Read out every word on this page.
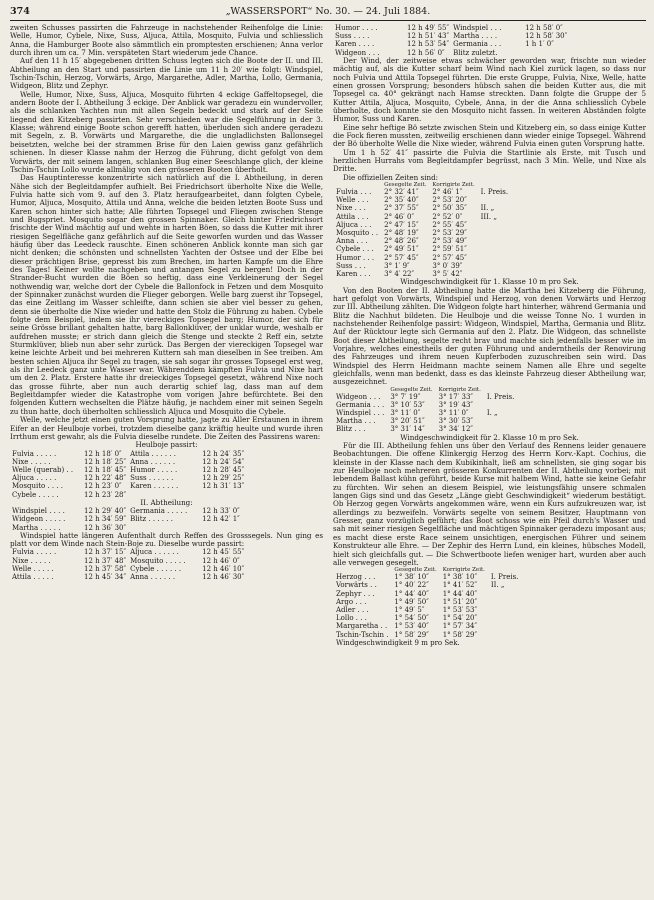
374	„WASSERSPORT“ No. 30. — 24. Juli 1884.

zweiten Schusses passirten die Fahrzeuge in nachstehender Reihenfolge die Linie: Welle, Humor, Cybele, Nixe, Suss, Aljuca, Attila, Mosquito, Fulvia und schliesslich Anna, die Hamburger Boote also sämmtlich ein promptesten erschienen; Anna verlor durch ihren um ca. 7 Min. verspäteten Start wiederum jede Chance.

Auf den 11 h 15′ abgegebenen dritten Schuss legten sich die Boote der II. und III. Abtheilung an den Start und passirten die Linie um 11 h 20′ wie folgt: Windspiel, Tschin-Tschin, Herzog, Vorwärts, Argo, Margarethe, Adler, Martha, Lollo, Germania, Widgeon, Blitz und Zephyr.

Welle, Humor, Nixe, Suss, Aljuca, Mosquito führten 4 eckige Gaffeltopsegel, die andern Boote der I. Abtheilung 3 eckige. Der Anblick war geradezu ein wundervoller, als die schlanken Yachten nun mit allen Segeln bedeckt und stark auf der Seite liegend den Kitzeberg passirten. Sehr verschieden war die Segelführung in der 3. Klasse; während einige Boote schon gerefft hatten, überluden sich andere geradezu mit Segeln, z. B. Vorwärts und Margarethe, die die ungladlichsten Ballonsegel beisetzten, welche bei der strammen Brise für den Laien gewiss ganz gefährlich schienen. In dieser Klasse nahm der Herzog die Führung, dicht gefolgt von dem Vorwärts, der mit seinem langen, schlanken Bug einer Seeschlange glich, der kleine Tschin-Tschin Lollo wurde allmälig von den grösseren Booten überholt.

Das Hauptinteresse konzentrirte sich natürlich auf die I. Abtheilung, in deren Nähe sich der Begleitdampfer aufhielt. Bei Friedrichsort überholte Nixe die Welle, Fulvia hatte sich vom 9. auf den 3. Platz heraufgearbeitet, dann folgten Cybele, Humor, Aljuca, Mosquito, Attila und Anna, welche die beiden letzten Boote Suss und Karen schon hinter sich hatte; Alle führten Topsegel und Fliegen zwischen Stenge und Bugspriet. Mosquito sogar den grossen Spinnaker. Gleich hinter Friedrichsort frischte der Wind mächtig auf und wehte in harten Böen, so dass die Kutter mit ihrer riesigen Segelfläche ganz gefährlich auf die Seite geworfen wurden und das Wasser häufig über das Leedeck rauschte. Einen schöneren Anblick konnte man sich gar nicht denken; die schönsten und schnellsten Yachten der Ostsee und der Elbe bei dieser prächtigen Brise, gepresst bis zum Brechen, im harten Kampfe um die Ehre des Tages! Keiner wollte nachgeben und antangen Segel zu bergen! Doch in der Strander-Bucht wurden die Böen so heftig, dass eine Verkleinerung der Segel nothwendig war, welche dort der Cybele die Ballonfock in Fetzen und dem Mosquito der Spinnaker zunächst wurden die Flieger geborgen. Welle barg zuerst ihr Topsegel, das eine Zeitlang im Wasser schleifte, dann schien sie aber viel besser zu gehen, denn sie überholte die Nixe wieder und hatte den Stolz die Führung zu haben. Cybele folgte dem Beispiel, indem sie ihr viereckiges Topsegel barg; Humor, der sich für seine Grösse brillant gehalten hatte, barg Ballonklüver, der unklar wurde, weshalb er aufdrehen musste; er strich dann gleich die Stenge und steckte 2 Reff ein, setzte Sturmklüver, blieb nun aber sehr zurück. Das Bergen der viereckigen Topsegel war keine leichte Arbeit und bei mehreren Kuttern sah man dieselben in See treiben. Am besten schien Aljuca ihr Segel zu tragen, sie sah sogar ihr grosses Topsegel erst weg, als ihr Leedeck ganz unte Wasser war. Währenddem kämpften Fulvia und Nixe hart um den 2. Platz. Erstere hatte ihr dreieckiges Topsegel gesetzt, während Nixe noch das grosse führte, aber nun auch derartig schief lag, dass man auf dem Begleitdampfer wieder die Katastrophe vom vorigen Jahre befürchtete. Bei den folgenden Kuttern wechselten die Plätze häufig, je nachdem einer mit seinen Segeln zu thun hatte, doch überholten schliesslich Aljuca und Mosquito die Cybele.

Welle, welche jetzt einen guten Vorsprung hatte, jagte zu Aller Erstaunen in ihrem Eifer an der Heulboje vorbei, trotzdem dieselbe ganz kräftig heulte und wurde ihren Irrthum erst gewahr, als die Fulvia dieselbe rundete. Die Zeiten des Passirens waren:

Heulboje passirt:
Fulvia . . . . .	12 h 18′ 0″	Attila . . . . . .	12 h 24′ 35″
Nixe . . . . .	12 h 18′ 25″	Anna . . . . . .	12 h 24′ 54″
Welle (querab) . .	12 h 18′ 45″	Humor . . . . .	12 h 28′ 45″
Aljuca . . . . .	12 h 22′ 48″	Suss . . . . . .	12 h 29′ 25″
Mosquito . . . .	12 h 23′ 0″	Karen . . . . . .	12 h 31′ 13″
Cybele . . . . .	12 h 23′ 28″		
II. Abtheilung:
Windspiel . . . .	12 h 29′ 40″	Germania . . . . .	12 h 33′ 0″
Widgeon . . . . .	12 h 34′ 59″	Blitz . . . . . .	12 h 42′ 1″
Martha . . . . .	12 h 36′ 30″		

Windspiel hatte längeren Aufenthalt durch Reffen des Grosssegels. Nun ging es platt vor dem Winde nach Stein-Boje zu. Dieselbe wurde passirt:

Fulvia . . . . .	12 h 37′ 15″	Aljuca . . . . . .	12 h 45′ 55″
Nixe . . . . .	12 h 37′ 48″	Mosquito . . . . .	12 h 46′ 0″
Welle . . . . .	12 h 37′ 58″	Cybele . . . . . .	12 h 46′ 10″
Attila . . . . .	12 h 45′ 34″	Anna . . . . . .	12 h 46′ 30″
Humor . . . .	12 h 49′ 55″	Windspiel . . .	12 h 58′ 0″
Suss . . . .	12 h 51′ 43″	Martha . . . .	12 h 58′ 30″
Karen . . . .	12 h 53′ 54″	Germania . . .	1 h 1′ 0″
Widgeon . . .	12 h 56′ 0″	Blitz zuletzt.	

Der Wind, der zeitweise etwas schwächer geworden war, frischte nun wieder mächtig auf, als die Kutter scharf beim Wind nach Kiel zurück lagen, so dass nur noch Fulvia und Attila Topsegel führten. Die erste Gruppe, Fulvia, Nixe, Welle, hatte einen grossen Vorsprung; besonders hübsch sahen die beiden Kutter aus, die mit Topsegel ca. 40° gekrängt nach Hamse streckten. Dann folgte die Gruppe der 5 Kutter Attila, Aljuca, Mosquito, Cybele, Anna, in der die Anna schliesslich Cybele überholte, doch konnte sie den Mosquito nicht fassen. In weiteren Abständen folgte Humor, Suss und Karen.

Eine sehr heftige Bö setzte zwischen Stein und Kitzeberg ein, so dass einige Kutter die Fock fieren mussten, zeitweilig erschienen dann wieder einige Topsegel. Während der Bö überholte Welle die Nixe wieder, während Fulvia einen guten Vorsprung hatte.

Um 1 h 52′ 41″ passirte die Fulvia die Startlinie als Erste, mit Tusch und herzlichen Hurrahs vom Begleitdampfer begrüsst, nach 3 Min. Welle, und Nixe als Dritte.

Die offiziellen Zeiten sind:

	Gesegelte Zeit.	Korrigirte Zeit.	
Fulvia . . .	2° 32′ 41″	2° 46′ 1″	I. Preis.
Welle . . .	2° 35′ 40″	2° 53′ 20″	
Nixe . . .	2° 37′ 55″	2° 50′ 35″	II. „
Attila . . .	2° 46′ 0″	2° 52′ 0″	III. „
Aljuca . . .	2° 47′ 15″	2° 55′ 45″	
Mosquito . .	2° 48′ 19″	2° 53′ 29″	
Anna . . .	2° 48′ 26″	2° 53′ 49″	
Cybele . . .	2° 49′ 51″	2° 59′ 51″	
Humor . . .	2° 57′ 45″	2° 57′ 45″	
Suss . . .	3° 1′ 9″	3° 0′ 39″	
Karen . . .	3° 4′ 22″	3° 5′ 42″	
Windgeschwindigkeit für 1. Klasse 10 m pro Sek.

Von den Booten der II. Abtheilung hatte die Martha bei Kitzeberg die Führung, hart gefolgt von Vorwärts, Windspiel und Herzog, von denen Vorwärts und Herzog zur III. Abtheilung zählten. Die Widgeon folgte hart hinterher, während Germania und Blitz die Nachhut bildeten. Die Heulboje und die weisse Tonne No. 1 wurden in nachstehender Reihenfolge passirt: Widgeon, Windspiel, Martha, Germania und Blitz. Auf der Rücktour legte sich Germania auf den 2. Platz. Die Widgeon, das schnellste Boot dieser Abtheilung, segelte recht brav und machte sich jedenfalls besser wie im Vorjahre, welches einestheils der guten Führung und anderntheils der Renovirung des Fahrzeuges und ihrem neuen Kupferboden zuzuschreiben sein wird. Das Windspiel des Herrn Heidmann machte seinem Namen alle Ehre und segelte gleichfalls, wenn man bedenkt, dass es das kleinste Fahrzeug dieser Abtheilung war, ausgezeichnet.

	Gesegelte Zeit.	Korrigirte Zeit.	
Widgeon . . .	3° 7′ 19″	3° 17′ 33″	I. Preis.
Germania . . .	3° 10′ 53″	3° 19′ 43″	
Windspiel . . .	3° 11′ 0″	3° 11′ 0″	I. „
Martha . . .	3° 20′ 51″	3° 30′ 53″	
Blitz . . .	3° 31′ 14″	3° 34′ 12″	
Windgeschwindigkeit für 2. Klasse 10 m pro Sek.

Für die III. Abtheilung fehlen uns über den Verlauf des Rennens leider genauere Beobachtungen. Die offene Klinkergig Herzog des Herrn Korv.-Kapt. Cochius, die kleinste in der Klasse nach dem Kubikinhalt, ließ am schnellsten, sie ging sogar bis zur Heulboje noch mehreren grösseren Konkurrenten der II. Abtheilung vorbei; mit lebendem Ballast kühn geführt, beide Kurse mit halbem Wind, hatte sie keine Gefahr zu fürchten. Wir sehen an diesem Beispiel, wie leistungsfähig unsere schmalen langen Gigs sind und das Gesetz „Länge giebt Geschwindigkeit“ wiederum bestätigt. Ob Herzog gegen Vorwärts angekommen wäre, wenn ein Kurs aufzukreuzen war, ist allerdings zu bezweifeln. Vorwärts segelte von seinem Besitzer, Hauptmann von Gresser, ganz vorzüglich geführt; das Boot schoss wie ein Pfeil durch's Wasser und sah mit seiner riesigen Segelfläche und mächtigen Spinnaker geradezu imposant aus; es macht diese erste Race seinem unsichtigen, energischen Führer und seinem Konstrukteur alle Ehre. — Der Zephir des Herrn Lund, ein kleines, hübsches Modell, hielt sich gleichfalls gut. — Die Schwertboote liefen weniger hart, wurden aber auch alle verwegen gesegelt.

	Gesegelte Zeit.	Korrigirte Zeit.	
Herzog . . .	1° 38′ 10″	1° 38′ 10″	I. Preis.
Vorwärts . .	1° 40′ 22″	1° 41′ 52″	II. „
Zephyr . . .	1° 44′ 40″	1° 44′ 40″	
Argo . . .	1° 49′ 50″	1° 51′ 20″	
Adler . . .	1° 49′ 5″	1° 53′ 53″	
Lollo . . .	1° 54′ 50″	1° 54′ 20″	
Margaretha . .	1° 53′ 40″	1° 57′ 34″	
Tschin-Tschin .	1° 58′ 29″	1° 58′ 29″	
Windgeschwindigkeit 9 m pro Sek.
